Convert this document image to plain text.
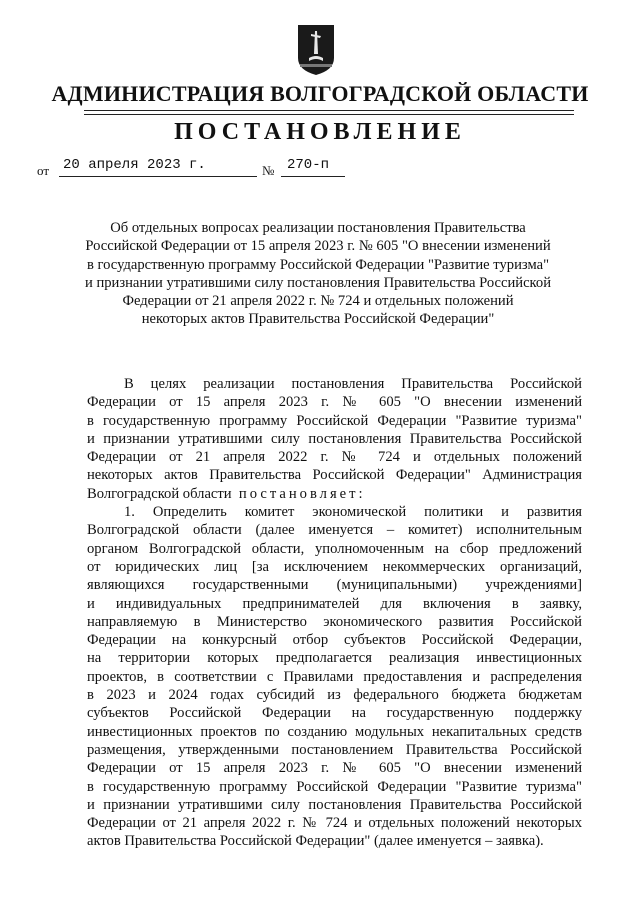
АДМИНИСТРАЦИЯ ВОЛГОГРАДСКОЙ ОБЛАСТИ
ПОСТАНОВЛЕНИЕ
от 20 апреля 2023 г.	№ 270-п
Об отдельных вопросах реализации постановления Правительства
Российской Федерации от 15 апреля 2023 г. № 605 "О внесении изменений
в государственную программу Российской Федерации "Развитие туризма"
и признании утратившими силу постановления Правительства Российской
Федерации от 21 апреля 2022 г. № 724 и отдельных положений
некоторых актов Правительства Российской Федерации"
В целях реализации постановления Правительства Российской
Федерации от 15 апреля 2023 г. № 605 "О внесении изменений
в государственную программу Российской Федерации "Развитие туризма"
и признании утратившими силу постановления Правительства Российской
Федерации от 21 апреля 2022 г. № 724 и отдельных положений
некоторых актов Правительства Российской Федерации" Администрация
Волгоградской области постановляет:
1. Определить комитет экономической политики и развития
Волгоградской области (далее именуется – комитет) исполнительным
органом Волгоградской области, уполномоченным на сбор предложений
от юридических лиц [за исключением некоммерческих организаций,
являющихся государственными (муниципальными) учреждениями]
и индивидуальных предпринимателей для включения в заявку,
направляемую в Министерство экономического развития Российской
Федерации на конкурсный отбор субъектов Российской Федерации,
на территории которых предполагается реализация инвестиционных
проектов, в соответствии с Правилами предоставления и распределения
в 2023 и 2024 годах субсидий из федерального бюджета бюджетам
субъектов Российской Федерации на государственную поддержку
инвестиционных проектов по созданию модульных некапитальных средств
размещения, утвержденными постановлением Правительства Российской
Федерации от 15 апреля 2023 г. № 605 "О внесении изменений
в государственную программу Российской Федерации "Развитие туризма"
и признании утратившими силу постановления Правительства Российской
Федерации от 21 апреля 2022 г. № 724 и отдельных положений некоторых
актов Правительства Российской Федерации" (далее именуется – заявка).
